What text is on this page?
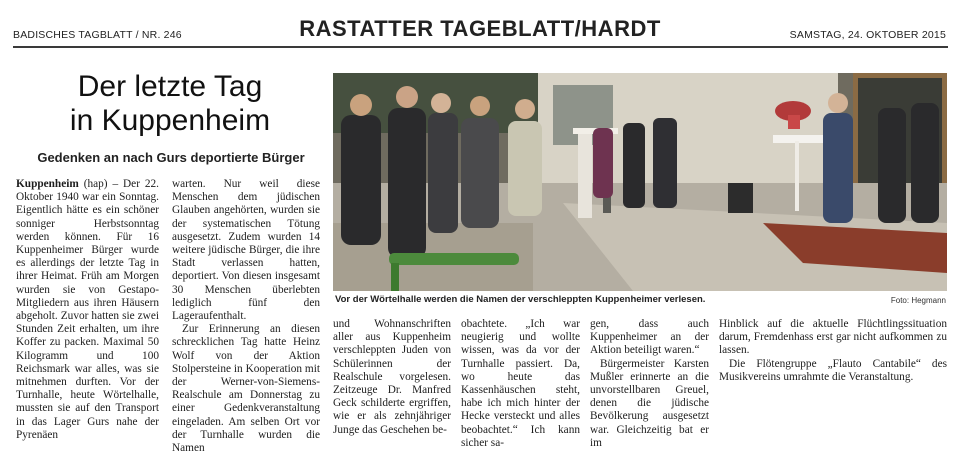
BADISCHES TAGBLATT / NR. 246	RASTATTER TAGEBLATT/HARDT	SAMSTAG, 24. OKTOBER 2015
Der letzte Tag
in Kuppenheim
Gedenken an nach Gurs deportierte Bürger

Kuppenheim (hap) – Der 22. Oktober 1940 war ein Sonntag. Eigentlich hätte es ein schöner sonniger Herbstsonntag werden können. Für 16 Kuppenheimer Bürger wurde es allerdings der letzte Tag in ihrer Heimat. Früh am Morgen wurden sie von Gestapo-Mitgliedern aus ihren Häusern abgeholt. Zuvor hatten sie zwei Stunden Zeit erhalten, um ihre Koffer zu packen. Maximal 50 Kilogramm und 100 Reichsmark war alles, was sie mitnehmen durften. Vor der Turnhalle, heute Wörtelhalle, mussten sie auf den Transport in das Lager Gurs nahe der Pyrenäen

warten. Nur weil diese Menschen dem jüdischen Glauben angehörten, wurden sie der systematischen Tötung ausgesetzt. Zudem wurden 14 weitere jüdische Bürger, die ihre Stadt verlassen hatten, deportiert. Von diesen insgesamt 30 Menschen überlebten lediglich fünf den Lageraufenthalt.

Zur Erinnerung an diesen schrecklichen Tag hatte Heinz Wolf von der Aktion Stolpersteine in Kooperation mit der Werner-von-Siemens-Realschule am Donnerstag zu einer Gedenkveranstaltung eingeladen. Am selben Ort vor der Turnhalle wurden die Namen

Vor der Wörtelhalle werden die Namen der verschleppten Kuppenheimer verlesen.	Foto: Hegmann

und Wohnanschriften aller aus Kuppenheim verschleppten Juden von Schülerinnen der Realschule vorgelesen. Zeitzeuge Dr. Manfred Geck schilderte ergriffen, wie er als zehnjähriger Junge das Geschehen be-

obachtete. „Ich war neugierig und wollte wissen, was da vor der Turnhalle passiert. Da, wo heute das Kassenhäuschen steht, habe ich mich hinter der Hecke versteckt und alles beobachtet.“ Ich kann sicher sa-

gen, dass auch Kuppenheimer an der Aktion beteiligt waren.“

Bürgermeister Karsten Mußler erinnerte an die unvorstellbaren Greuel, denen die jüdische Bevölkerung ausgesetzt war. Gleichzeitig bat er im

Hinblick auf die aktuelle Flüchtlingssituation darum, Fremdenhass erst gar nicht aufkommen zu lassen.

Die Flötengruppe „Flauto Cantabile“ des Musikvereins umrahmte die Veranstaltung.
